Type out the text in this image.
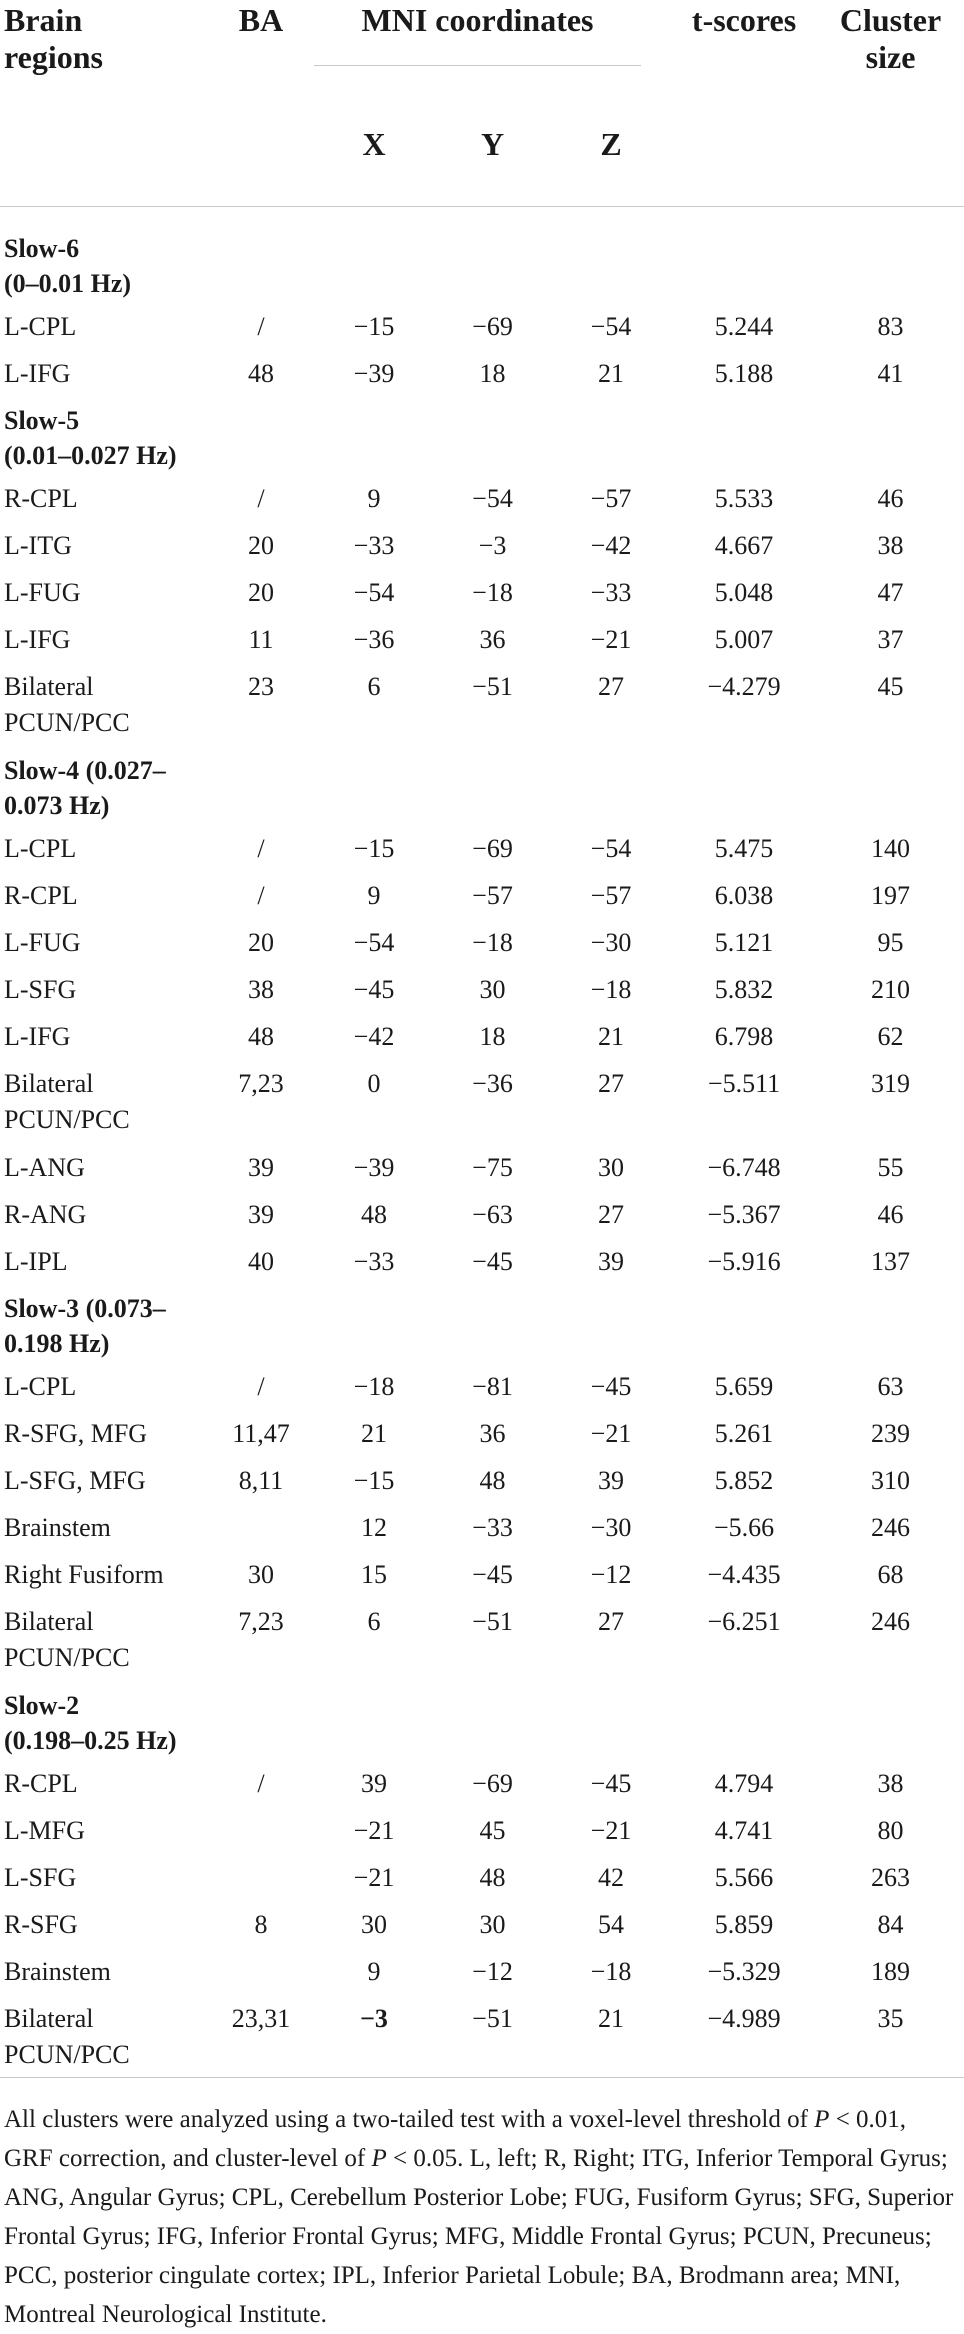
Brain
regions	BA	MNI coordinates			t-scores	Cluster
size
		X	Y	Z		

Slow-6
(0–0.01 Hz)						
L-CPL	/	−15	−69	−54	5.244	83
L-IFG	48	−39	18	21	5.188	41
Slow-5
(0.01–0.027 Hz)						
R-CPL	/	9	−54	−57	5.533	46
L-ITG	20	−33	−3	−42	4.667	38
L-FUG	20	−54	−18	−33	5.048	47
L-IFG	11	−36	36	−21	5.007	37
Bilateral
PCUN/PCC	23	6	−51	27	−4.279	45
Slow-4 (0.027–
0.073 Hz)						
L-CPL	/	−15	−69	−54	5.475	140
R-CPL	/	9	−57	−57	6.038	197
L-FUG	20	−54	−18	−30	5.121	95
L-SFG	38	−45	30	−18	5.832	210
L-IFG	48	−42	18	21	6.798	62
Bilateral
PCUN/PCC	7,23	0	−36	27	−5.511	319
L-ANG	39	−39	−75	30	−6.748	55
R-ANG	39	48	−63	27	−5.367	46
L-IPL	40	−33	−45	39	−5.916	137
Slow-3 (0.073–
0.198 Hz)						
L-CPL	/	−18	−81	−45	5.659	63
R-SFG, MFG	11,47	21	36	−21	5.261	239
L-SFG, MFG	8,11	−15	48	39	5.852	310
Brainstem		12	−33	−30	−5.66	246
Right Fusiform	30	15	−45	−12	−4.435	68
Bilateral
PCUN/PCC	7,23	6	−51	27	−6.251	246
Slow-2
(0.198–0.25 Hz)						
R-CPL	/	39	−69	−45	4.794	38
L-MFG		−21	45	−21	4.741	80
L-SFG		−21	48	42	5.566	263
R-SFG	8	30	30	54	5.859	84
Brainstem		9	−12	−18	−5.329	189
Bilateral
PCUN/PCC	23,31	−3	−51	21	−4.989	35
All clusters were analyzed using a two-tailed test with a voxel-level threshold of P < 0.01, GRF correction, and cluster-level of P < 0.05. L, left; R, Right; ITG, Inferior Temporal Gyrus; ANG, Angular Gyrus; CPL, Cerebellum Posterior Lobe; FUG, Fusiform Gyrus; SFG, Superior Frontal Gyrus; IFG, Inferior Frontal Gyrus; MFG, Middle Frontal Gyrus; PCUN, Precuneus; PCC, posterior cingulate cortex; IPL, Inferior Parietal Lobule; BA, Brodmann area; MNI, Montreal Neurological Institute.
